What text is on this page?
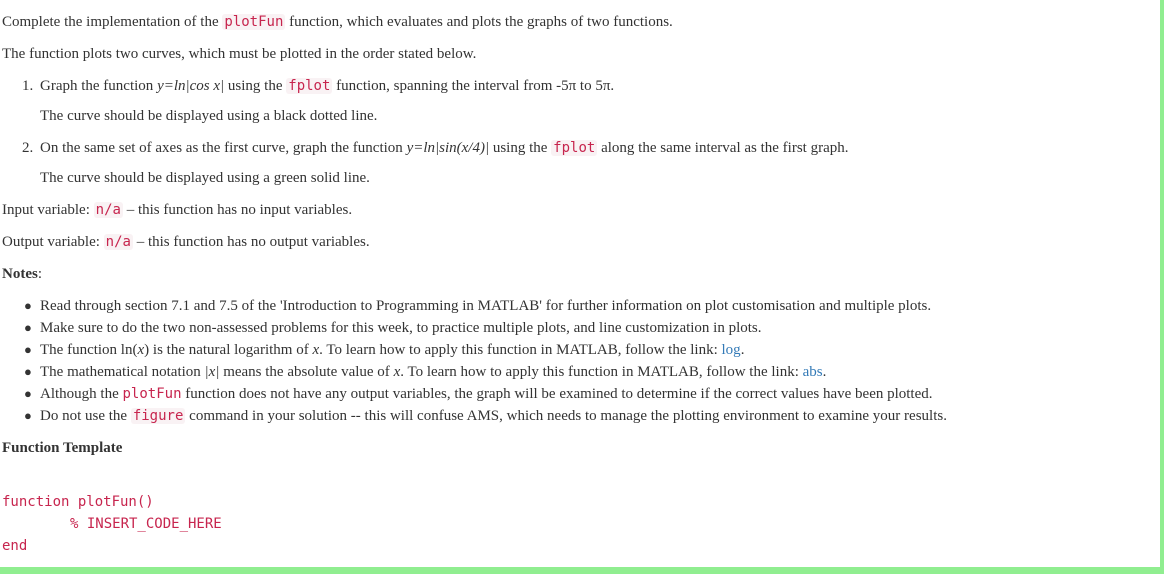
Complete the implementation of the plotFun function, which evaluates and plots the graphs of two functions.
The function plots two curves, which must be plotted in the order stated below.
1. Graph the function y=ln|cos x| using the fplot function, spanning the interval from -5π to 5π.
The curve should be displayed using a black dotted line.
2. On the same set of axes as the first curve, graph the function y=ln|sin(x/4)| using the fplot along the same interval as the first graph.
The curve should be displayed using a green solid line.
Input variable: n/a – this function has no input variables.
Output variable: n/a – this function has no output variables.
Notes:
● Read through section 7.1 and 7.5 of the 'Introduction to Programming in MATLAB' for further information on plot customisation and multiple plots.
● Make sure to do the two non-assessed problems for this week, to practice multiple plots, and line customization in plots.
● The function ln(x) is the natural logarithm of x. To learn how to apply this function in MATLAB, follow the link: log.
● The mathematical notation |x| means the absolute value of x. To learn how to apply this function in MATLAB, follow the link: abs.
● Although the plotFun function does not have any output variables, the graph will be examined to determine if the correct values have been plotted.
● Do not use the figure command in your solution -- this will confuse AMS, which needs to manage the plotting environment to examine your results.
Function Template
function plotFun()
% INSERT_CODE_HERE
end
